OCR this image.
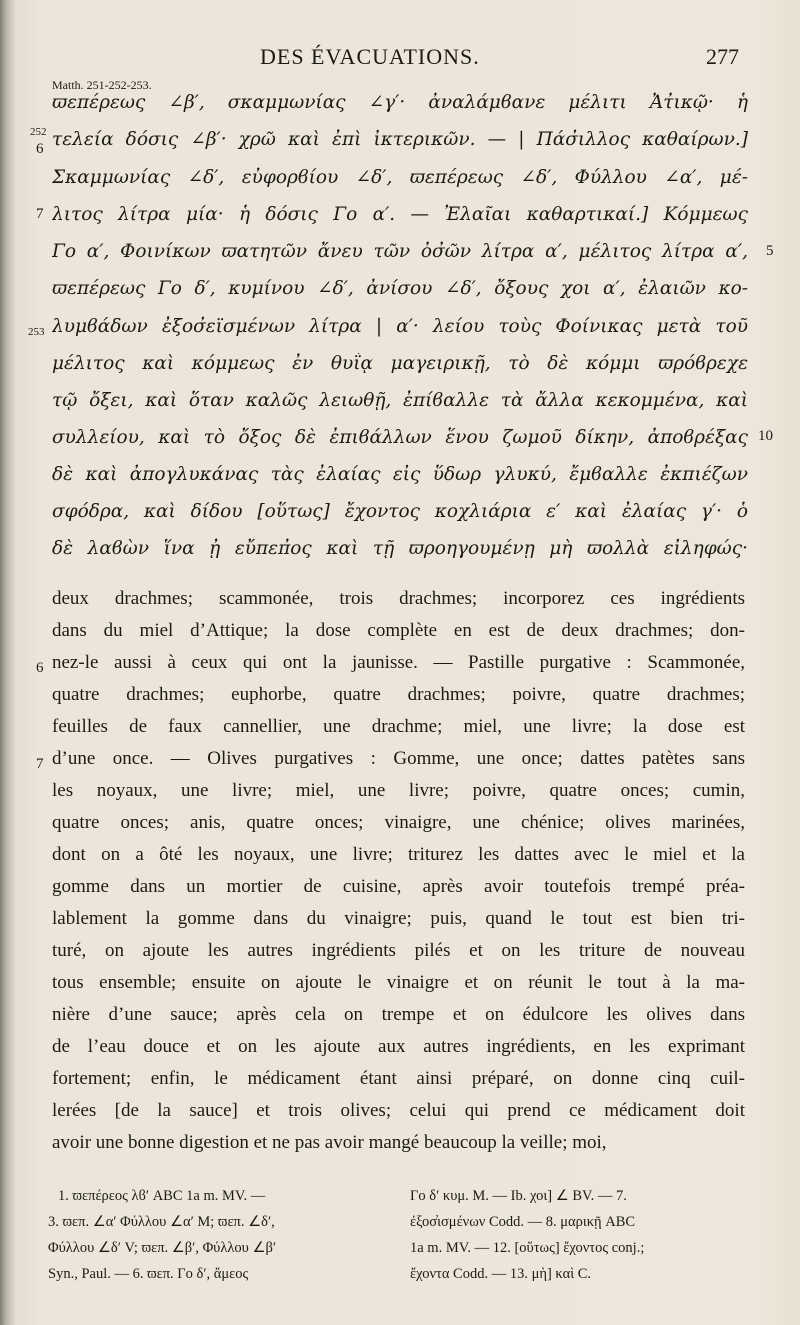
DES ÉVACUATIONS.	277
Matth. 251-252-253.
ϖεπέρεως ∠β′, σκαμμωνίας ∠γ′· ἀναλάμϐανε μέλιτι Ἀτ̓ικῷ· ἡ
τελεία δόσις ∠β′· χρῶ καὶ ἐπὶ ἰκτερικῶν. — | Πάσ̓ιλλος καθαίρων.]
Σκαμμωνίας ∠δ′, εὐφορϐίου ∠δ′, ϖεπέρεως ∠δ′, Φύλλου ∠α′, μέ-
λιτος λίτρα μία· ἡ δόσις Γο α′. — Ἐλαῖαι καθαρτικαί.] Κόμμεως
Γο α′, Φοινίκων ϖατητῶν ἄνευ τῶν ὀσ̓ῶν λίτρα α′, μέλιτος λίτρα α′,
ϖεπέρεως Γο δ′, κυμίνου ∠δ′, ἀνίσου ∠δ′, ὄξους χοι α′, ἐλαιῶν κο-
λυμϐάδων ἐξοσ̓εϊσμένων λίτρα | α′· λείου τοὺς Φοίνικας μετὰ τοῦ
μέλιτος καὶ κόμμεως ἐν θυΐᾳ μαγειρικῇ, τὸ δὲ κόμμι ϖρόϐρεχε
τῷ ὄξει, καὶ ὅταν καλῶς λειωθῇ, ἐπίϐαλλε τὰ ἄλλα κεκομμένα, καὶ
συλλείου, καὶ τὸ ὄξος δὲ ἐπιϐάλλων ἕνου ζωμοῦ δίκην, ἀποϐρέξας
δὲ καὶ ἀπογλυκάνας τὰς ἐλαίας εἰς ὕδωρ γλυκύ, ἔμϐαλλε ἐκπιέζων
σφόδρα, καὶ δίδου [οὕτως] ἔχοντος κοχλιάρια ε′ καὶ ἐλαίας γ′· ὁ
δὲ λαϐὼν ἵνα ᾖ εὔπεπ̓ος καὶ τῇ ϖροηγουμένῃ μὴ ϖολλὰ εἰληφώς·
252
6
7
253
5
10
deux drachmes; scammonée, trois drachmes; incorporez ces ingrédients
dans du miel d’Attique; la dose complète en est de deux drachmes; don-
nez-le aussi à ceux qui ont la jaunisse. — Pastille purgative : Scammonée,
quatre drachmes; euphorbe, quatre drachmes; poivre, quatre drachmes;
feuilles de faux cannellier, une drachme; miel, une livre; la dose est
d’une once. — Olives purgatives : Gomme, une once; dattes patètes sans
les noyaux, une livre; miel, une livre; poivre, quatre onces; cumin,
quatre onces; anis, quatre onces; vinaigre, une chénice; olives marinées,
dont on a ôté les noyaux, une livre; triturez les dattes avec le miel et la
gomme dans un mortier de cuisine, après avoir toutefois trempé préa-
lablement la gomme dans du vinaigre; puis, quand le tout est bien tri-
turé, on ajoute les autres ingrédients pilés et on les triture de nouveau
tous ensemble; ensuite on ajoute le vinaigre et on réunit le tout à la ma-
nière d’une sauce; après cela on trempe et on édulcore les olives dans
de l’eau douce et on les ajoute aux autres ingrédients, en les exprimant
fortement; enfin, le médicament étant ainsi préparé, on donne cinq cuil-
lerées [de la sauce] et trois olives; celui qui prend ce médicament doit
avoir une bonne digestion et ne pas avoir mangé beaucoup la veille; moi,
6
7
1. ϖεπέρεος λϐ′ ABC 1a m. MV. —
3. ϖεπ. ∠α′ Φύλλου ∠α′ M; ϖεπ. ∠δ′,
Φύλλου ∠δ′ V; ϖεπ. ∠β′, Φύλλου ∠β′
Syn., Paul. — 6. ϖεπ. Γο δ′, ἄμεος
Γο δ′ κυμ. M. — Ib. χοι] ∠ BV. — 7.
ἐξοσ̓ισμένων Codd. — 8. μαρικῇ ABC
1a m. MV. — 12. [οὕτως] ἔχοντος conj.;
ἔχοντα Codd. — 13. μὴ] καὶ C.
